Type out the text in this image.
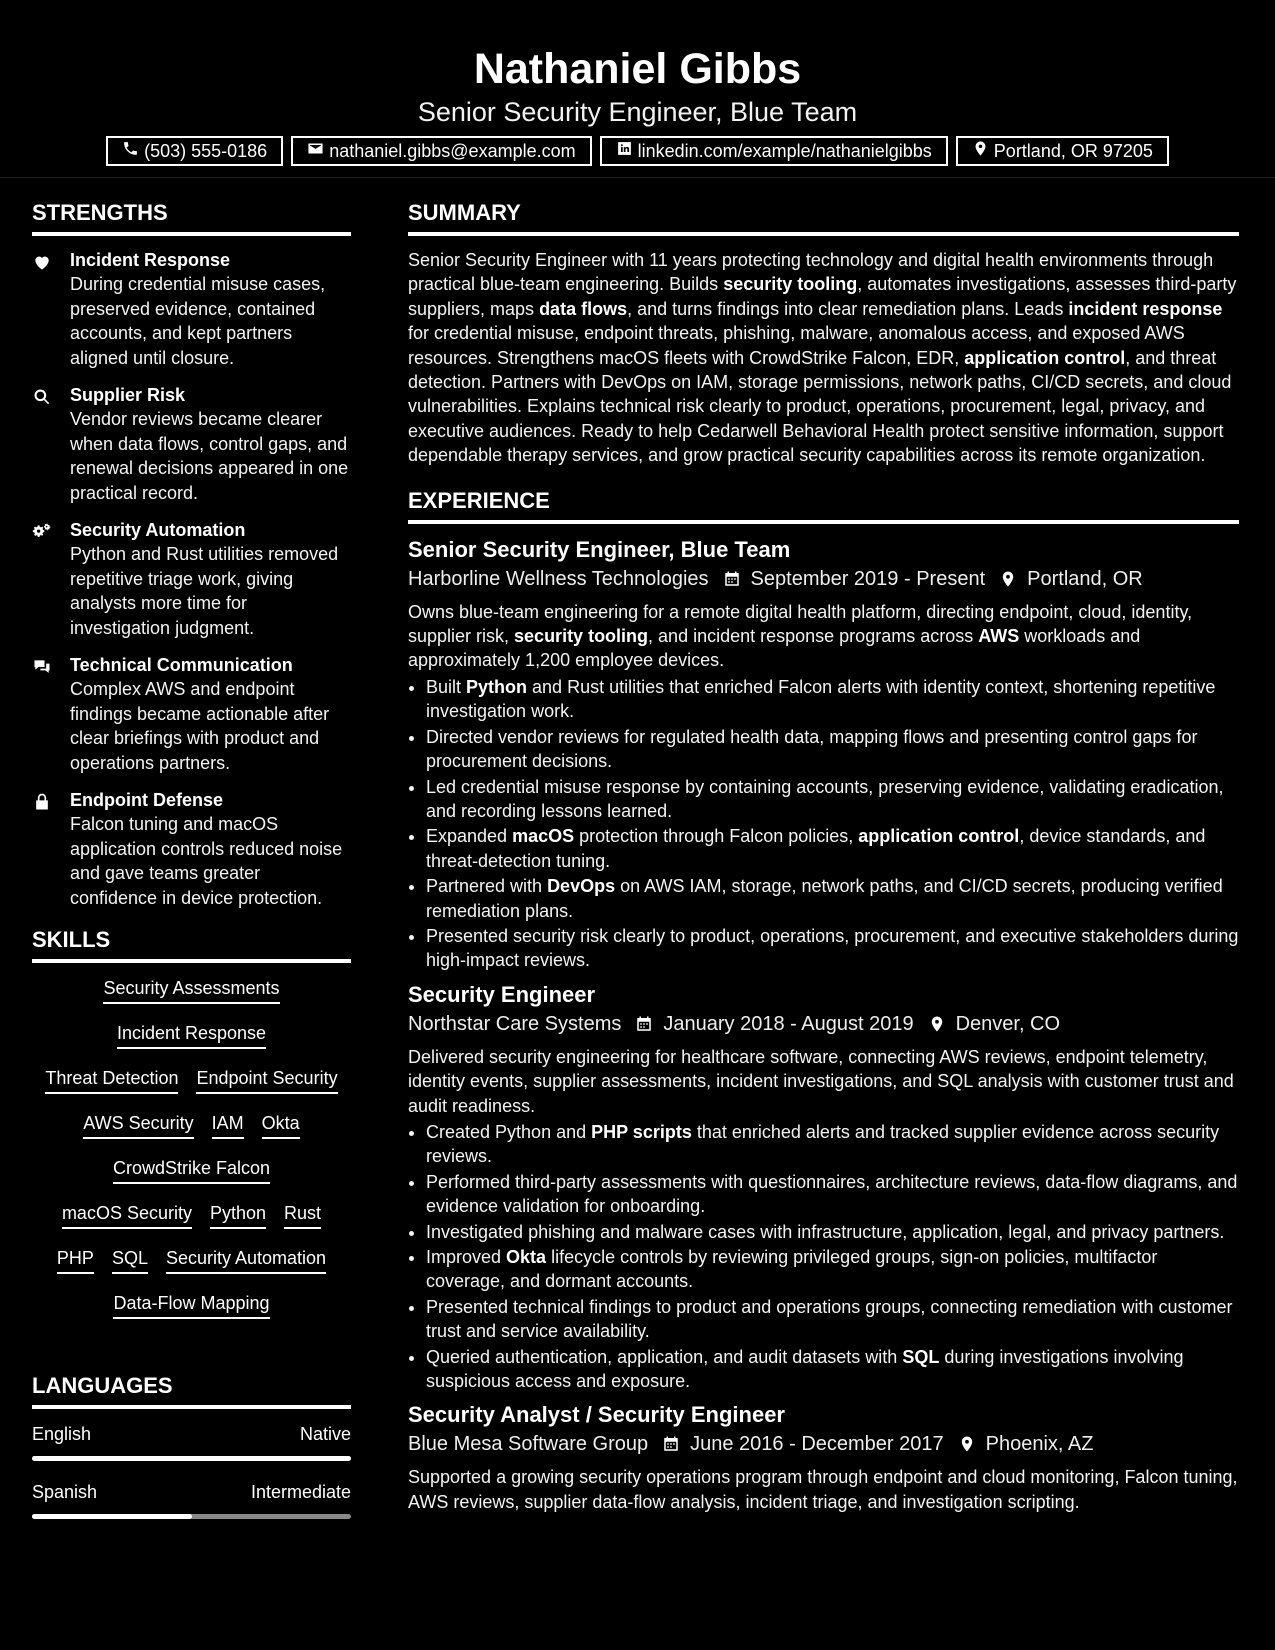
Nathaniel Gibbs
Senior Security Engineer, Blue Team
(503) 555-0186	nathaniel.gibbs@example.com	linkedin.com/example/nathanielgibbs	Portland, OR 97205
STRENGTHS
Incident Response
During credential misuse cases, preserved evidence, contained accounts, and kept partners aligned until closure.
Supplier Risk
Vendor reviews became clearer when data flows, control gaps, and renewal decisions appeared in one practical record.
Security Automation
Python and Rust utilities removed repetitive triage work, giving analysts more time for investigation judgment.
Technical Communication
Complex AWS and endpoint findings became actionable after clear briefings with product and operations partners.
Endpoint Defense
Falcon tuning and macOS application controls reduced noise and gave teams greater confidence in device protection.
SKILLS
Security Assessments
Incident Response
Threat Detection Endpoint Security
AWS Security IAM Okta
CrowdStrike Falcon
macOS Security Python Rust
PHP SQL Security Automation
Data-Flow Mapping
LANGUAGES
English	Native
Spanish	Intermediate
SUMMARY

Senior Security Engineer with 11 years protecting technology and digital health environments through practical blue-team engineering. Builds security tooling, automates investigations, assesses third-party suppliers, maps data flows, and turns findings into clear remediation plans. Leads incident response for credential misuse, endpoint threats, phishing, malware, anomalous access, and exposed AWS resources. Strengthens macOS fleets with CrowdStrike Falcon, EDR, application control, and threat detection. Partners with DevOps on IAM, storage permissions, network paths, CI/CD secrets, and cloud vulnerabilities. Explains technical risk clearly to product, operations, procurement, legal, privacy, and executive audiences. Ready to help Cedarwell Behavioral Health protect sensitive information, support dependable therapy services, and grow practical security capabilities across its remote organization.

EXPERIENCE
Senior Security Engineer, Blue Team
Harborline Wellness Technologies September 2019 - Present Portland, OR
Owns blue-team engineering for a remote digital health platform, directing endpoint, cloud, identity, supplier risk, security tooling, and incident response programs across AWS workloads and approximately 1,200 employee devices.
• Built Python and Rust utilities that enriched Falcon alerts with identity context, shortening repetitive investigation work.
• Directed vendor reviews for regulated health data, mapping flows and presenting control gaps for procurement decisions.
• Led credential misuse response by containing accounts, preserving evidence, validating eradication, and recording lessons learned.
• Expanded macOS protection through Falcon policies, application control, device standards, and threat-detection tuning.
• Partnered with DevOps on AWS IAM, storage, network paths, and CI/CD secrets, producing verified remediation plans.
• Presented security risk clearly to product, operations, procurement, and executive stakeholders during high-impact reviews.
Security Engineer
Northstar Care Systems January 2018 - August 2019 Denver, CO
Delivered security engineering for healthcare software, connecting AWS reviews, endpoint telemetry, identity events, supplier assessments, incident investigations, and SQL analysis with customer trust and audit readiness.
• Created Python and PHP scripts that enriched alerts and tracked supplier evidence across security reviews.
• Performed third-party assessments with questionnaires, architecture reviews, data-flow diagrams, and evidence validation for onboarding.
• Investigated phishing and malware cases with infrastructure, application, legal, and privacy partners.
• Improved Okta lifecycle controls by reviewing privileged groups, sign-on policies, multifactor coverage, and dormant accounts.
• Presented technical findings to product and operations groups, connecting remediation with customer trust and service availability.
• Queried authentication, application, and audit datasets with SQL during investigations involving suspicious access and exposure.
Security Analyst / Security Engineer
Blue Mesa Software Group June 2016 - December 2017 Phoenix, AZ
Supported a growing security operations program through endpoint and cloud monitoring, Falcon tuning, AWS reviews, supplier data-flow analysis, incident triage, and investigation scripting.
